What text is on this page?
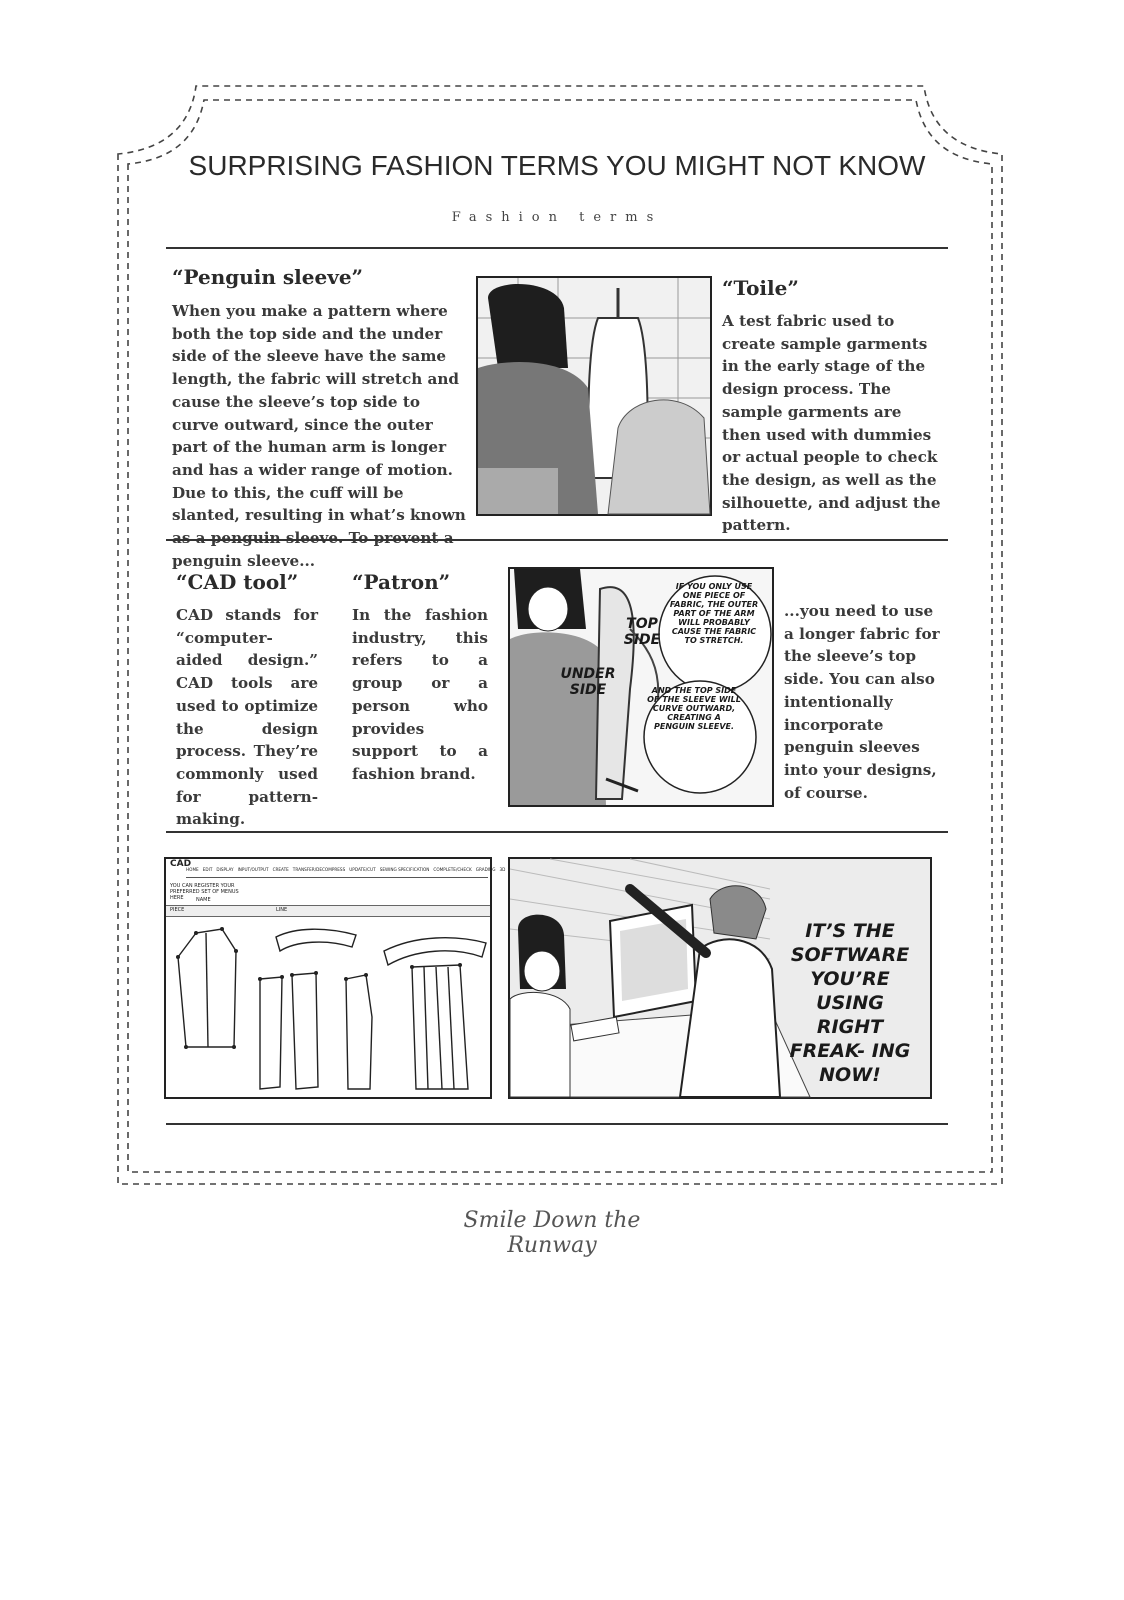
SURPRISING FASHION TERMS YOU MIGHT NOT KNOW
Fashion terms
“Penguin sleeve”

When you make a pattern where both the top side and the under side of the sleeve have the same length, the fabric will stretch and cause the sleeve’s top side to curve outward, since the outer part of the human arm is longer and has a wider range of motion. Due to this, the cuff will be slanted, resulting in what’s known as a penguin sleeve. To prevent a penguin sleeve...

“Toile”

A test fabric used to create sample garments in the early stage of the design process. The sample garments are then used with dummies or actual people to check the design, as well as the silhouette, and adjust the pattern.

“CAD tool”

CAD stands for “computer-aided design.” CAD tools are used to optimize the design process. They’re commonly used for pattern-making.

“Patron”

In the fashion industry, this refers to a group or a person who provides support to a fashion brand.

TOP SIDE
UNDER SIDE
IF YOU ONLY USE ONE PIECE OF FABRIC, THE OUTER PART OF THE ARM WILL PROBABLY CAUSE THE FABRIC TO STRETCH.
AND THE TOP SIDE OF THE SLEEVE WILL CURVE OUTWARD, CREATING A PENGUIN SLEEVE.

...you need to use a longer fabric for the sleeve’s top side. You can also intentionally incorporate penguin sleeves into your designs, of course.

CAD
HOME EDIT DISPLAY INPUT/OUTPUT CREATE TRANSFER/DECOMPRESS UPDATE/CUT SEWING SPECIFICATION COMPLETE/CHECK GRADING 3D
YOU CAN REGISTER YOUR PREFERRED SET OF MENUS HERE	NAME
PIECE	LINE
IT’S THE SOFTWARE YOU’RE USING RIGHT FREAK- ING NOW!
Smile Down the Runway
